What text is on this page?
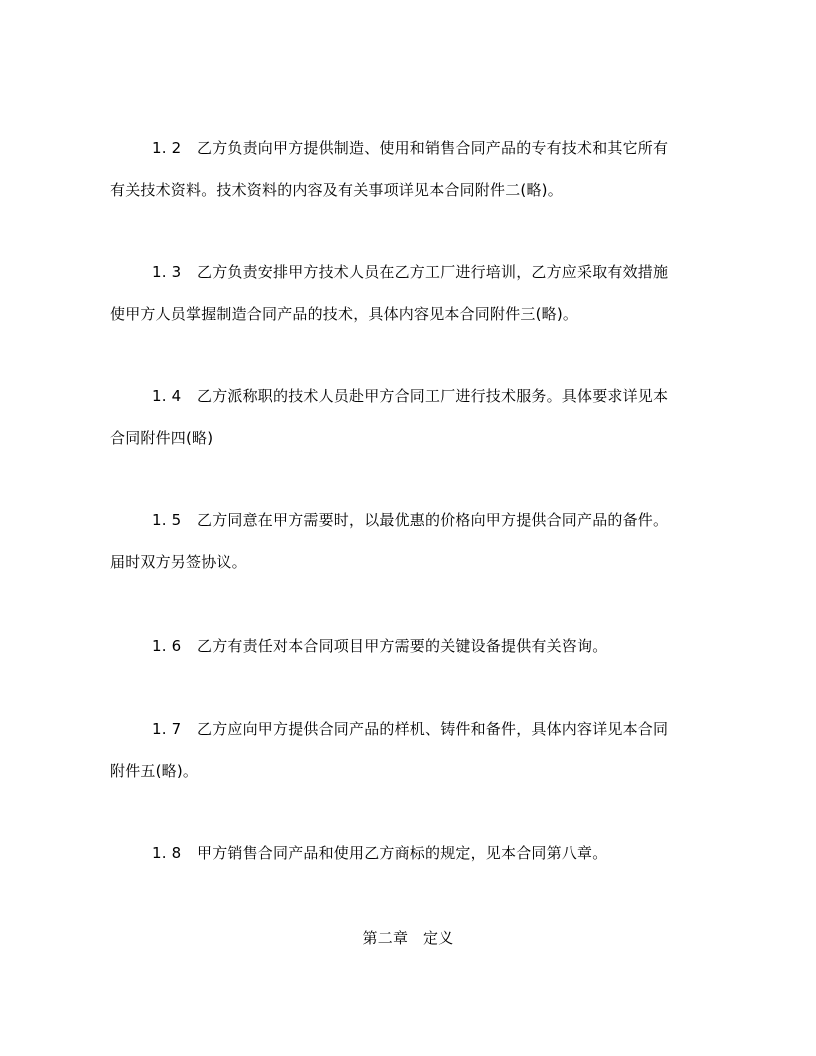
1. 2 乙方负责向甲方提供制造、使用和销售合同产品的专有技术和其它所有
有关技术资料。技术资料的内容及有关事项详见本合同附件二(略)。
1. 3 乙方负责安排甲方技术人员在乙方工厂进行培训，乙方应采取有效措施
使甲方人员掌握制造合同产品的技术，具体内容见本合同附件三(略)。
1. 4 乙方派称职的技术人员赴甲方合同工厂进行技术服务。具体要求详见本
合同附件四(略)
1. 5 乙方同意在甲方需要时，以最优惠的价格向甲方提供合同产品的备件。
届时双方另签协议。
1. 6 乙方有责任对本合同项目甲方需要的关键设备提供有关咨询。
1. 7 乙方应向甲方提供合同产品的样机、铸件和备件，具体内容详见本合同
附件五(略)。
1. 8 甲方销售合同产品和使用乙方商标的规定，见本合同第八章。
第二章   定义
